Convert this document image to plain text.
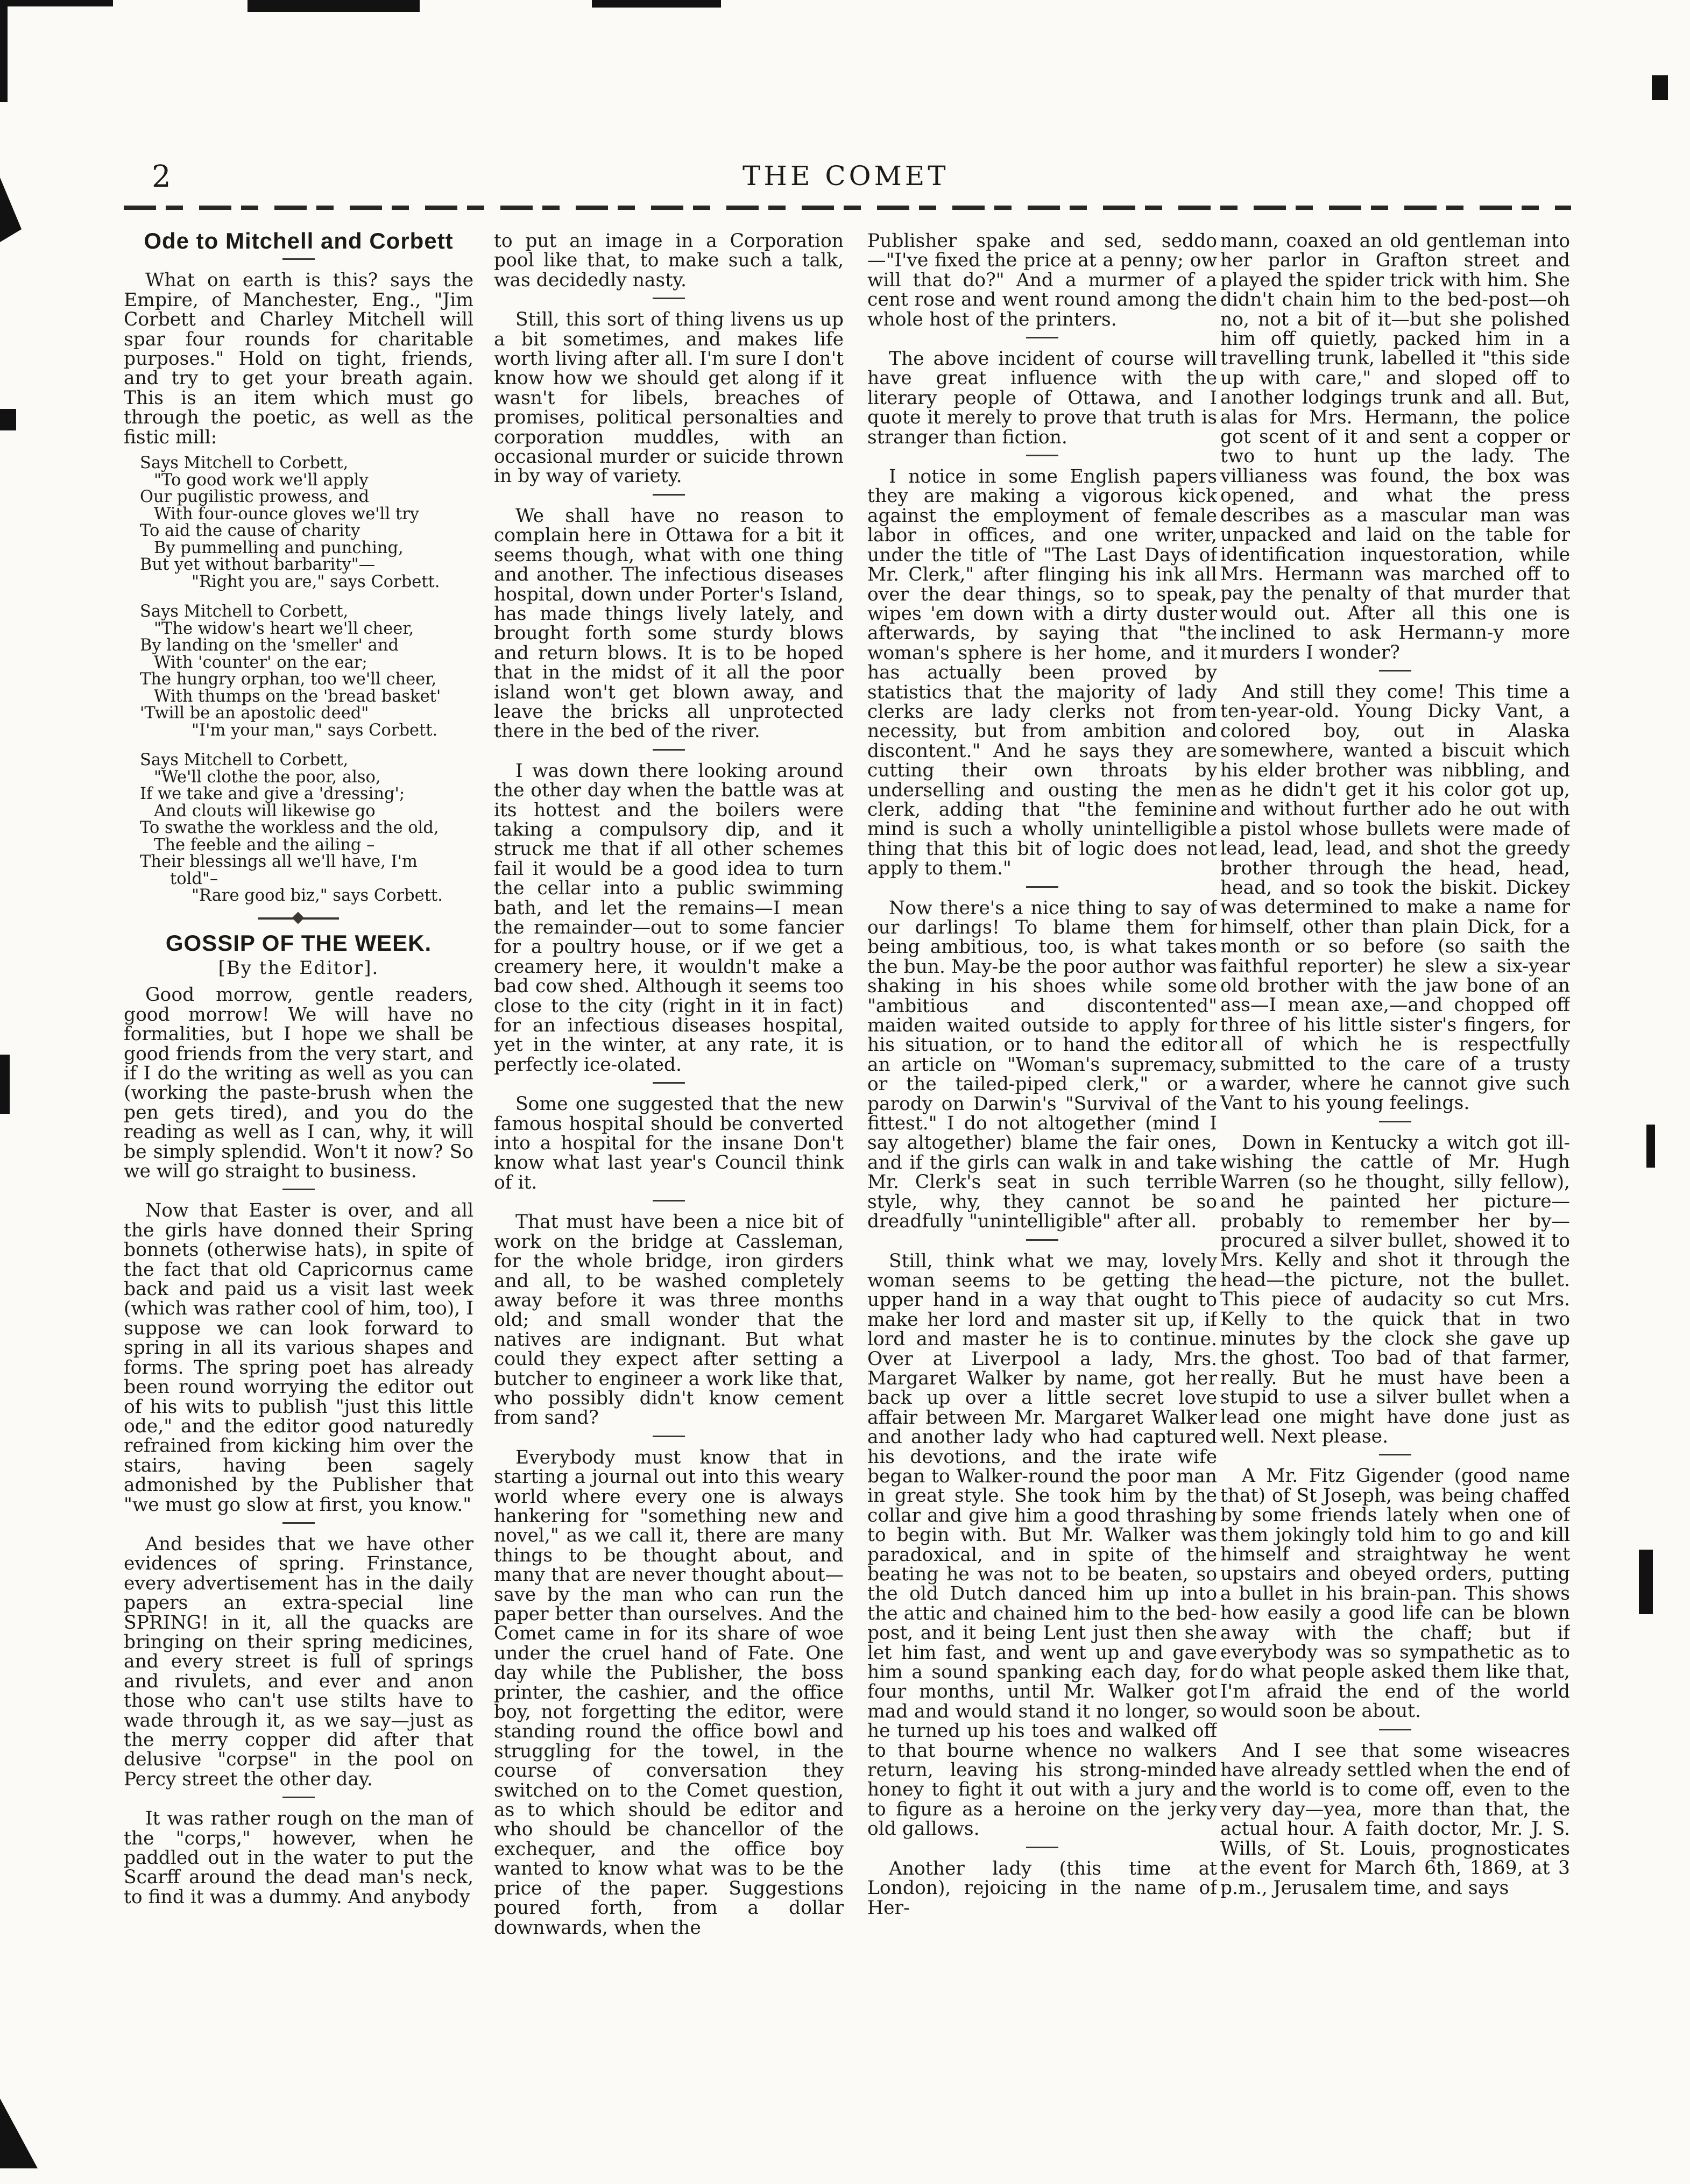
2	THE COMET
Ode to Mitchell and Corbett

What on earth is this? says the Empire, of Manchester, Eng., "Jim Corbett and Charley Mitchell will spar four rounds for charitable purposes." Hold on tight, friends, and try to get your breath again. This is an item which must go through the poetic, as well as the fistic mill:

Says Mitchell to Corbett,
"To good work we'll apply
Our pugilistic prowess, and
With four-ounce gloves we'll try
To aid the cause of charity
By pummelling and punching,
But yet without barbarity"—
"Right you are," says Corbett.
Says Mitchell to Corbett,
"The widow's heart we'll cheer,
By landing on the 'smeller' and
With 'counter' on the ear;
The hungry orphan, too we'll cheer,
With thumps on the 'bread basket'
'Twill be an apostolic deed"
"I'm your man," says Corbett.
Says Mitchell to Corbett,
"We'll clothe the poor, also,
If we take and give a 'dressing';
And clouts will likewise go
To swathe the workless and the old,
The feeble and the ailing –
Their blessings all we'll have, I'm
told"–
"Rare good biz," says Corbett.
GOSSIP OF THE WEEK.
[By the Editor].

Good morrow, gentle readers, good morrow! We will have no formalities, but I hope we shall be good friends from the very start, and if I do the writing as well as you can (working the paste-brush when the pen gets tired), and you do the reading as well as I can, why, it will be simply splendid. Won't it now? So we will go straight to business.

Now that Easter is over, and all the girls have donned their Spring bonnets (otherwise hats), in spite of the fact that old Capricornus came back and paid us a visit last week (which was rather cool of him, too), I suppose we can look forward to spring in all its various shapes and forms. The spring poet has already been round worrying the editor out of his wits to publish "just this little ode," and the editor good naturedly refrained from kicking him over the stairs, having been sagely admonished by the Publisher that "we must go slow at first, you know."

And besides that we have other evidences of spring. Frinstance, every advertisement has in the daily papers an extra-special line SPRING! in it, all the quacks are bringing on their spring medicines, and every street is full of springs and rivulets, and ever and anon those who can't use stilts have to wade through it, as we say—just as the merry copper did after that delusive "corpse" in the pool on Percy street the other day.

It was rather rough on the man of the "corps," however, when he paddled out in the water to put the Scarff around the dead man's neck, to find it was a dummy. And anybody

to put an image in a Corporation pool like that, to make such a talk, was decidedly nasty.

Still, this sort of thing livens us up a bit sometimes, and makes life worth living after all. I'm sure I don't know how we should get along if it wasn't for libels, breaches of promises, political personalties and corporation muddles, with an occasional murder or suicide thrown in by way of variety.

We shall have no reason to complain here in Ottawa for a bit it seems though, what with one thing and another. The infectious diseases hospital, down under Porter's Island, has made things lively lately, and brought forth some sturdy blows and return blows. It is to be hoped that in the midst of it all the poor island won't get blown away, and leave the bricks all unprotected there in the bed of the river.

I was down there looking around the other day when the battle was at its hottest and the boilers were taking a compulsory dip, and it struck me that if all other schemes fail it would be a good idea to turn the cellar into a public swimming bath, and let the remains—I mean the remainder—out to some fancier for a poultry house, or if we get a creamery here, it wouldn't make a bad cow shed. Although it seems too close to the city (right in it in fact) for an infectious diseases hospital, yet in the winter, at any rate, it is perfectly ice-olated.

Some one suggested that the new famous hospital should be converted into a hospital for the insane Don't know what last year's Council think of it.

That must have been a nice bit of work on the bridge at Cassleman, for the whole bridge, iron girders and all, to be washed completely away before it was three months old; and small wonder that the natives are indignant. But what could they expect after setting a butcher to engineer a work like that, who possibly didn't know cement from sand?

Everybody must know that in starting a journal out into this weary world where every one is always hankering for "something new and novel," as we call it, there are many things to be thought about, and many that are never thought about—save by the man who can run the paper better than ourselves. And the Comet came in for its share of woe under the cruel hand of Fate. One day while the Publisher, the boss printer, the cashier, and the office boy, not forgetting the editor, were standing round the office bowl and struggling for the towel, in the course of conversation they switched on to the Comet question, as to which should be editor and who should be chancellor of the exchequer, and the office boy wanted to know what was to be the price of the paper. Suggestions poured forth, from a dollar downwards, when the

Publisher spake and sed, seddo—"I've fixed the price at a penny; ow will that do?" And a murmer of a cent rose and went round among the whole host of the printers.

The above incident of course will have great influence with the literary people of Ottawa, and I quote it merely to prove that truth is stranger than fiction.

I notice in some English papers they are making a vigorous kick against the employment of female labor in offices, and one writer, under the title of "The Last Days of Mr. Clerk," after flinging his ink all over the dear things, so to speak, wipes 'em down with a dirty duster afterwards, by saying that "the woman's sphere is her home, and it has actually been proved by statistics that the majority of lady clerks are lady clerks not from necessity, but from ambition and discontent." And he says they are cutting their own throats by underselling and ousting the men clerk, adding that "the feminine mind is such a wholly unintelligible thing that this bit of logic does not apply to them."

Now there's a nice thing to say of our darlings! To blame them for being ambitious, too, is what takes the bun. May-be the poor author was shaking in his shoes while some "ambitious and discontented" maiden waited outside to apply for his situation, or to hand the editor an article on "Woman's supremacy, or the tailed-piped clerk," or a parody on Darwin's "Survival of the fittest." I do not altogether (mind I say altogether) blame the fair ones, and if the girls can walk in and take Mr. Clerk's seat in such terrible style, why, they cannot be so dreadfully "unintelligible" after all.

Still, think what we may, lovely woman seems to be getting the upper hand in a way that ought to make her lord and master sit up, if lord and master he is to continue. Over at Liverpool a lady, Mrs. Margaret Walker by name, got her back up over a little secret love affair between Mr. Margaret Walker and another lady who had captured his devotions, and the irate wife began to Walker-round the poor man in great style. She took him by the collar and give him a good thrashing to begin with. But Mr. Walker was paradoxical, and in spite of the beating he was not to be beaten, so the old Dutch danced him up into the attic and chained him to the bed-post, and it being Lent just then she let him fast, and went up and gave him a sound spanking each day, for four months, until Mr. Walker got mad and would stand it no longer, so he turned up his toes and walked off to that bourne whence no walkers return, leaving his strong-minded honey to fight it out with a jury and to figure as a heroine on the jerky old gallows.

Another lady (this time at London), rejoicing in the name of Her-

mann, coaxed an old gentleman into her parlor in Grafton street and played the spider trick with him. She didn't chain him to the bed-post—oh no, not a bit of it—but she polished him off quietly, packed him in a travelling trunk, labelled it "this side up with care," and sloped off to another lodgings trunk and all. But, alas for Mrs. Hermann, the police got scent of it and sent a copper or two to hunt up the lady. The villianess was found, the box was opened, and what the press describes as a mascular man was unpacked and laid on the table for identification inquestoration, while Mrs. Hermann was marched off to pay the penalty of that murder that would out. After all this one is inclined to ask Hermann-y more murders I wonder?

And still they come! This time a ten-year-old. Young Dicky Vant, a colored boy, out in Alaska somewhere, wanted a biscuit which his elder brother was nibbling, and as he didn't get it his color got up, and without further ado he out with a pistol whose bullets were made of lead, lead, lead, and shot the greedy brother through the head, head, head, and so took the biskit. Dickey was determined to make a name for himself, other than plain Dick, for a month or so before (so saith the faithful reporter) he slew a six-year old brother with the jaw bone of an ass—I mean axe,—and chopped off three of his little sister's fingers, for all of which he is respectfully submitted to the care of a trusty warder, where he cannot give such Vant to his young feelings.

Down in Kentucky a witch got ill-wishing the cattle of Mr. Hugh Warren (so he thought, silly fellow), and he painted her picture—probably to remember her by—procured a silver bullet, showed it to Mrs. Kelly and shot it through the head—the picture, not the bullet. This piece of audacity so cut Mrs. Kelly to the quick that in two minutes by the clock she gave up the ghost. Too bad of that farmer, really. But he must have been a stupid to use a silver bullet when a lead one might have done just as well. Next please.

A Mr. Fitz Gigender (good name that) of St Joseph, was being chaffed by some friends lately when one of them jokingly told him to go and kill himself and straightway he went upstairs and obeyed orders, putting a bullet in his brain-pan. This shows how easily a good life can be blown away with the chaff; but if everybody was so sympathetic as to do what people asked them like that, I'm afraid the end of the world would soon be about.

And I see that some wiseacres have already settled when the end of the world is to come off, even to the very day—yea, more than that, the actual hour. A faith doctor, Mr. J. S. Wills, of St. Louis, prognosticates the event for March 6th, 1869, at 3 p.m., Jerusalem time, and says
